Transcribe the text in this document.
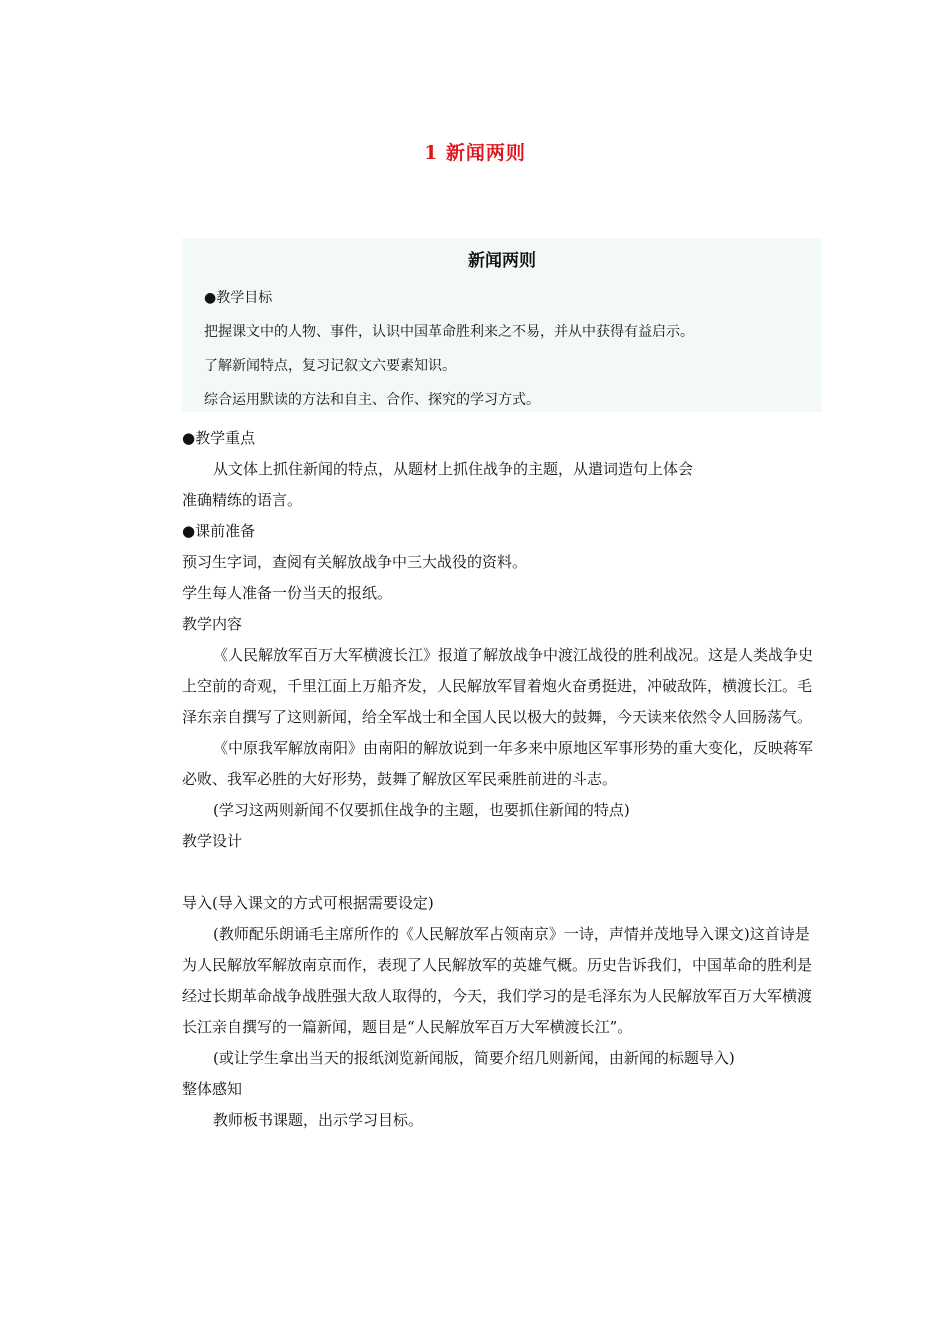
1 新闻两则
新闻两则
●教学目标
把握课文中的人物、事件，认识中国革命胜利来之不易，并从中获得有益启示。
了解新闻特点，复习记叙文六要素知识。
综合运用默读的方法和自主、合作、探究的学习方式。

●教学重点

从文体上抓住新闻的特点，从题材上抓住战争的主题，从遣词造句上体会

准确精练的语言。

●课前准备

预习生字词，查阅有关解放战争中三大战役的资料。

学生每人准备一份当天的报纸。

教学内容

《人民解放军百万大军横渡长江》报道了解放战争中渡江战役的胜利战况。这是人类战争史上空前的奇观，千里江面上万船齐发，人民解放军冒着炮火奋勇挺进，冲破敌阵，横渡长江。毛泽东亲自撰写了这则新闻，给全军战士和全国人民以极大的鼓舞，今天读来依然令人回肠荡气。

《中原我军解放南阳》由南阳的解放说到一年多来中原地区军事形势的重大变化，反映蒋军必败、我军必胜的大好形势，鼓舞了解放区军民乘胜前进的斗志。

(学习这两则新闻不仅要抓住战争的主题，也要抓住新闻的特点)

教学设计

导入(导入课文的方式可根据需要设定)

(教师配乐朗诵毛主席所作的《人民解放军占领南京》一诗，声情并茂地导入课文)这首诗是为人民解放军解放南京而作，表现了人民解放军的英雄气概。历史告诉我们，中国革命的胜利是经过长期革命战争战胜强大敌人取得的，今天，我们学习的是毛泽东为人民解放军百万大军横渡长江亲自撰写的一篇新闻，题目是“人民解放军百万大军横渡长江”。

(或让学生拿出当天的报纸浏览新闻版，简要介绍几则新闻，由新闻的标题导入)

整体感知

教师板书课题，出示学习目标。
